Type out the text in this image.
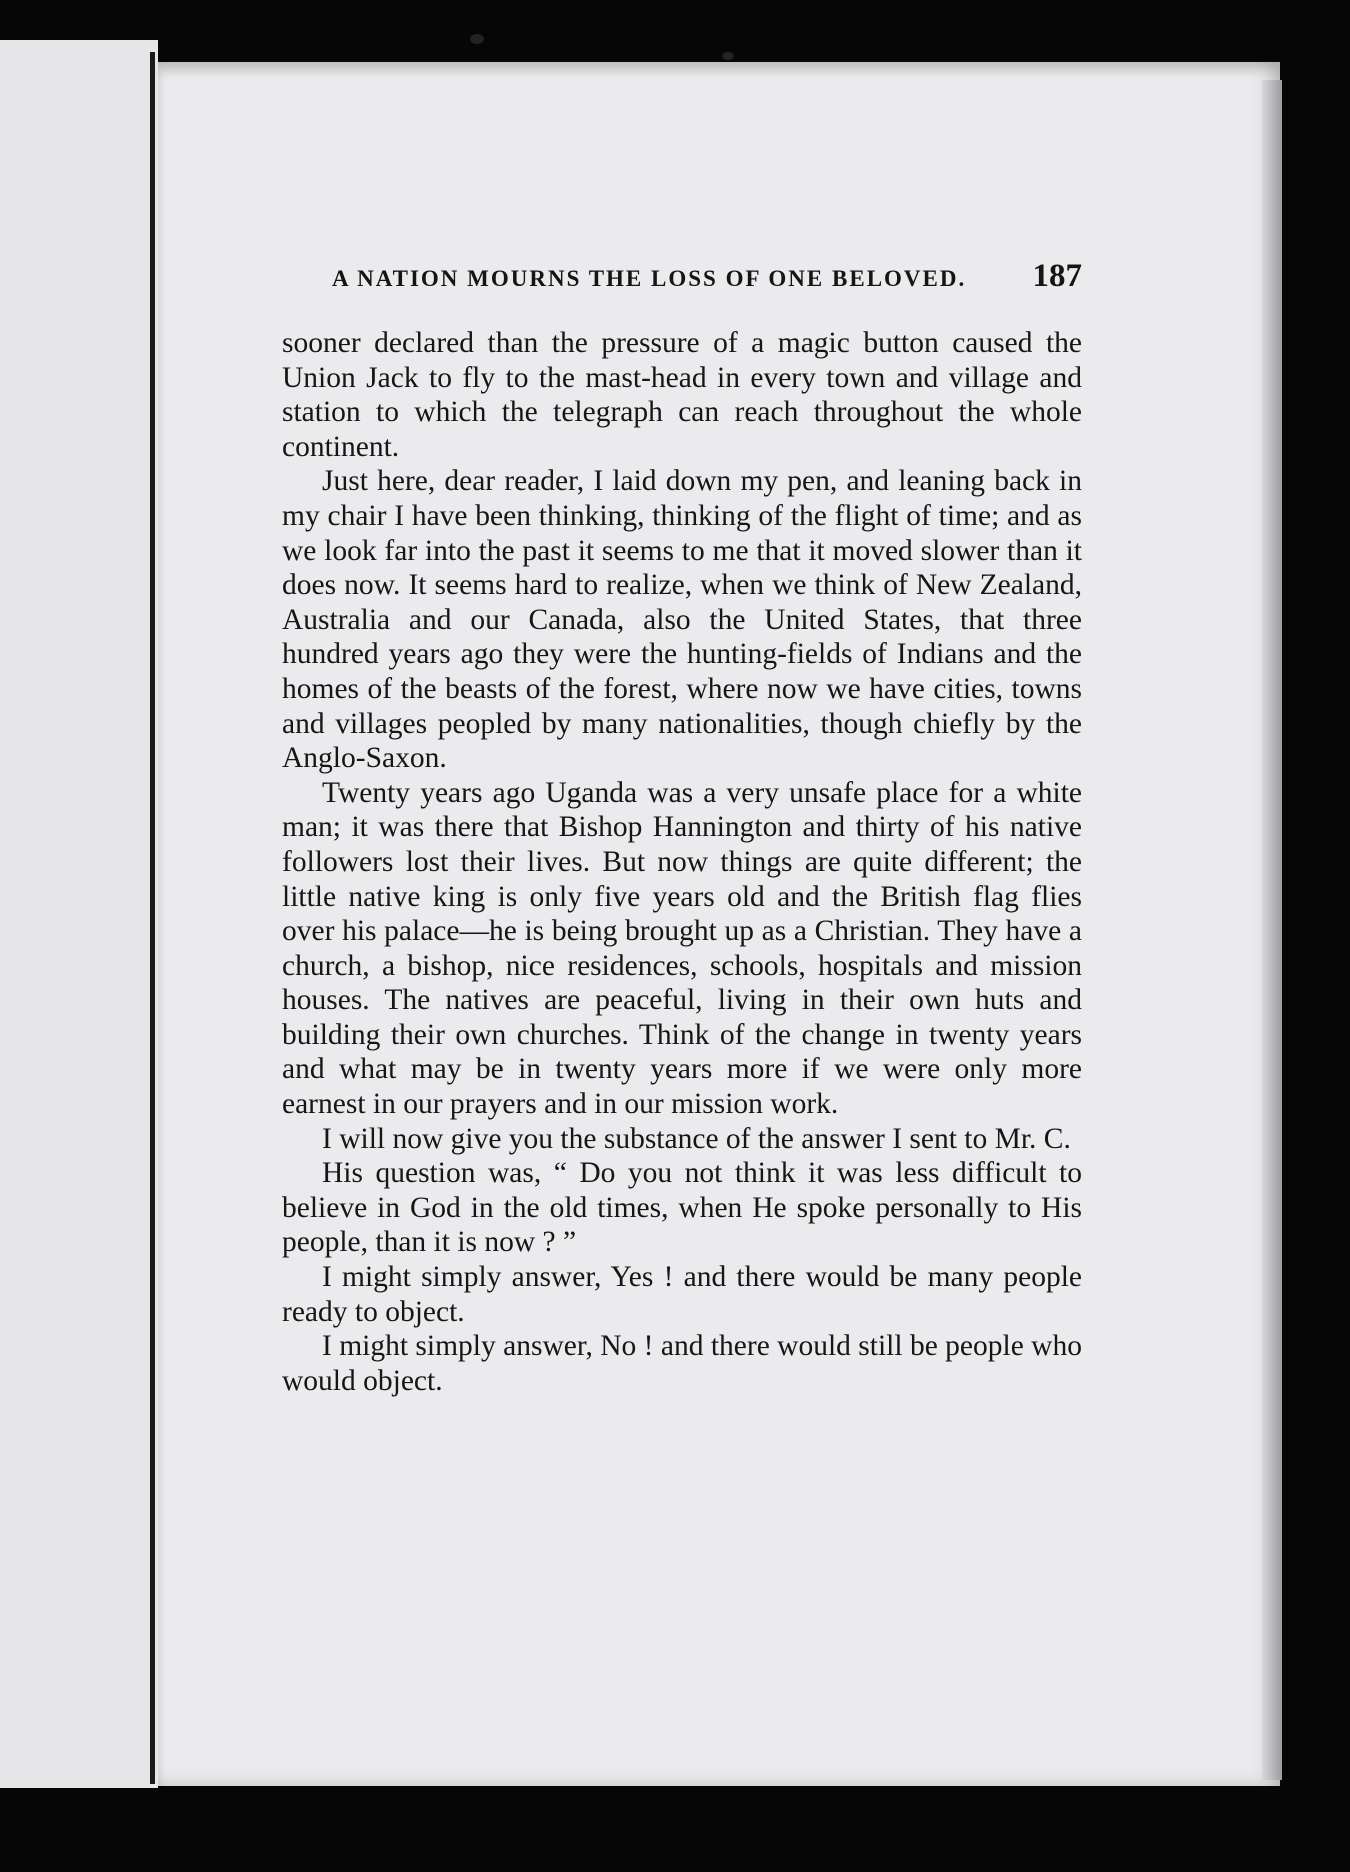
A NATION MOURNS THE LOSS OF ONE BELOVED. 187

sooner declared than the pressure of a magic button caused the Union Jack to fly to the mast-head in every town and village and station to which the telegraph can reach throughout the whole continent.

Just here, dear reader, I laid down my pen, and leaning back in my chair I have been thinking, thinking of the flight of time; and as we look far into the past it seems to me that it moved slower than it does now. It seems hard to realize, when we think of New Zealand, Australia and our Canada, also the United States, that three hundred years ago they were the hunting-fields of Indians and the homes of the beasts of the forest, where now we have cities, towns and villages peopled by many nationalities, though chiefly by the Anglo-Saxon.

Twenty years ago Uganda was a very unsafe place for a white man; it was there that Bishop Hannington and thirty of his native followers lost their lives. But now things are quite different; the little native king is only five years old and the British flag flies over his palace—he is being brought up as a Christian. They have a church, a bishop, nice residences, schools, hospitals and mission houses. The natives are peaceful, living in their own huts and building their own churches. Think of the change in twenty years and what may be in twenty years more if we were only more earnest in our prayers and in our mission work.

I will now give you the substance of the answer I sent to Mr. C.

His question was, “ Do you not think it was less difficult to believe in God in the old times, when He spoke personally to His people, than it is now ? ”

I might simply answer, Yes ! and there would be many people ready to object.

I might simply answer, No ! and there would still be people who would object.
